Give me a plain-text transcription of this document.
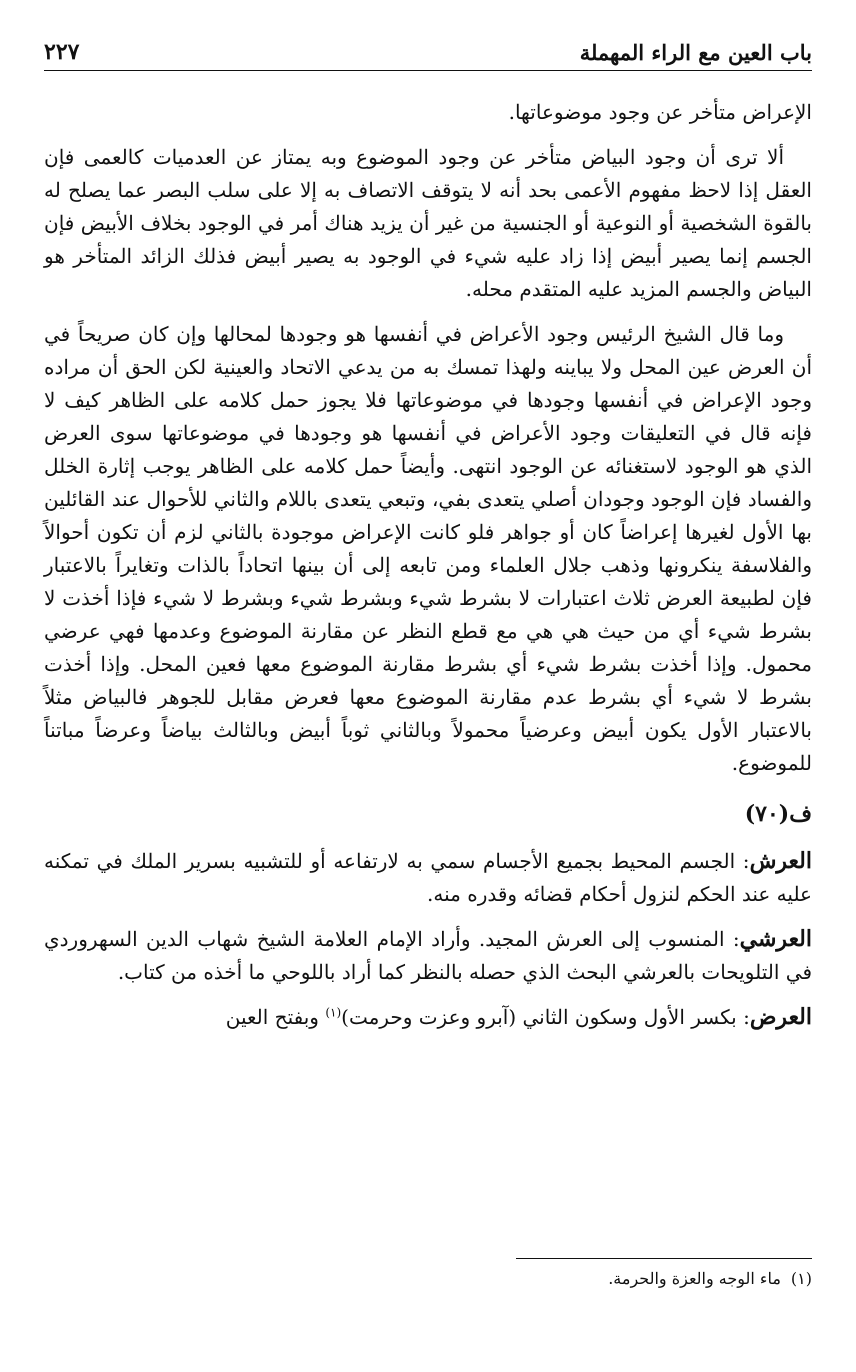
باب العين مع الراء المهملة
٢٢٧

الإعراض متأخر عن وجود موضوعاتها.

ألا ترى أن وجود البياض متأخر عن وجود الموضوع وبه يمتاز عن العدميات كالعمى فإن العقل إذا لاحظ مفهوم الأعمى بحد أنه لا يتوقف الاتصاف به إلا على سلب البصر عما يصلح له بالقوة الشخصية أو النوعية أو الجنسية من غير أن يزيد هناك أمر في الوجود بخلاف الأبيض فإن الجسم إنما يصير أبيض إذا زاد عليه شيء في الوجود به يصير أبيض فذلك الزائد المتأخر هو البياض والجسم المزيد عليه المتقدم محله.

وما قال الشيخ الرئيس وجود الأعراض في أنفسها هو وجودها لمحالها وإن كان صريحاً في أن العرض عين المحل ولا يباينه ولهذا تمسك به من يدعي الاتحاد والعينية لكن الحق أن مراده وجود الإعراض في أنفسها وجودها في موضوعاتها فلا يجوز حمل كلامه على الظاهر كيف لا فإنه قال في التعليقات وجود الأعراض في أنفسها هو وجودها في موضوعاتها سوى العرض الذي هو الوجود لاستغنائه عن الوجود انتهى. وأيضاً حمل كلامه على الظاهر يوجب إثارة الخلل والفساد فإن الوجود وجودان أصلي يتعدى بفي، وتبعي يتعدى باللام والثاني للأحوال عند القائلين بها الأول لغيرها إعراضاً كان أو جواهر فلو كانت الإعراض موجودة بالثاني لزم أن تكون أحوالاً والفلاسفة ينكرونها وذهب جلال العلماء ومن تابعه إلى أن بينها اتحاداً بالذات وتغايراً بالاعتبار فإن لطبيعة العرض ثلاث اعتبارات لا بشرط شيء وبشرط شيء وبشرط لا شيء فإذا أخذت لا بشرط شيء أي من حيث هي هي مع قطع النظر عن مقارنة الموضوع وعدمها فهي عرضي محمول. وإذا أخذت بشرط شيء أي بشرط مقارنة الموضوع معها فعين المحل. وإذا أخذت بشرط لا شيء أي بشرط عدم مقارنة الموضوع معها فعرض مقابل للجوهر فالبياض مثلاً بالاعتبار الأول يكون أبيض وعرضياً محمولاً وبالثاني ثوباً أبيض وبالثالث بياضاً وعرضاً مباتناً للموضوع.

ف(٧٠)

العرش: الجسم المحيط بجميع الأجسام سمي به لارتفاعه أو للتشبيه بسرير الملك في تمكنه عليه عند الحكم لنزول أحكام قضائه وقدره منه.

العرشي: المنسوب إلى العرش المجيد. وأراد الإمام العلامة الشيخ شهاب الدين السهروردي في التلويحات بالعرشي البحث الذي حصله بالنظر كما أراد باللوحي ما أخذه من كتاب.

العرض: بكسر الأول وسكون الثاني (آبرو وعزت وحرمت)$^{(١)}$ وبفتح العين

(١)ماء الوجه والعزة والحرمة.
